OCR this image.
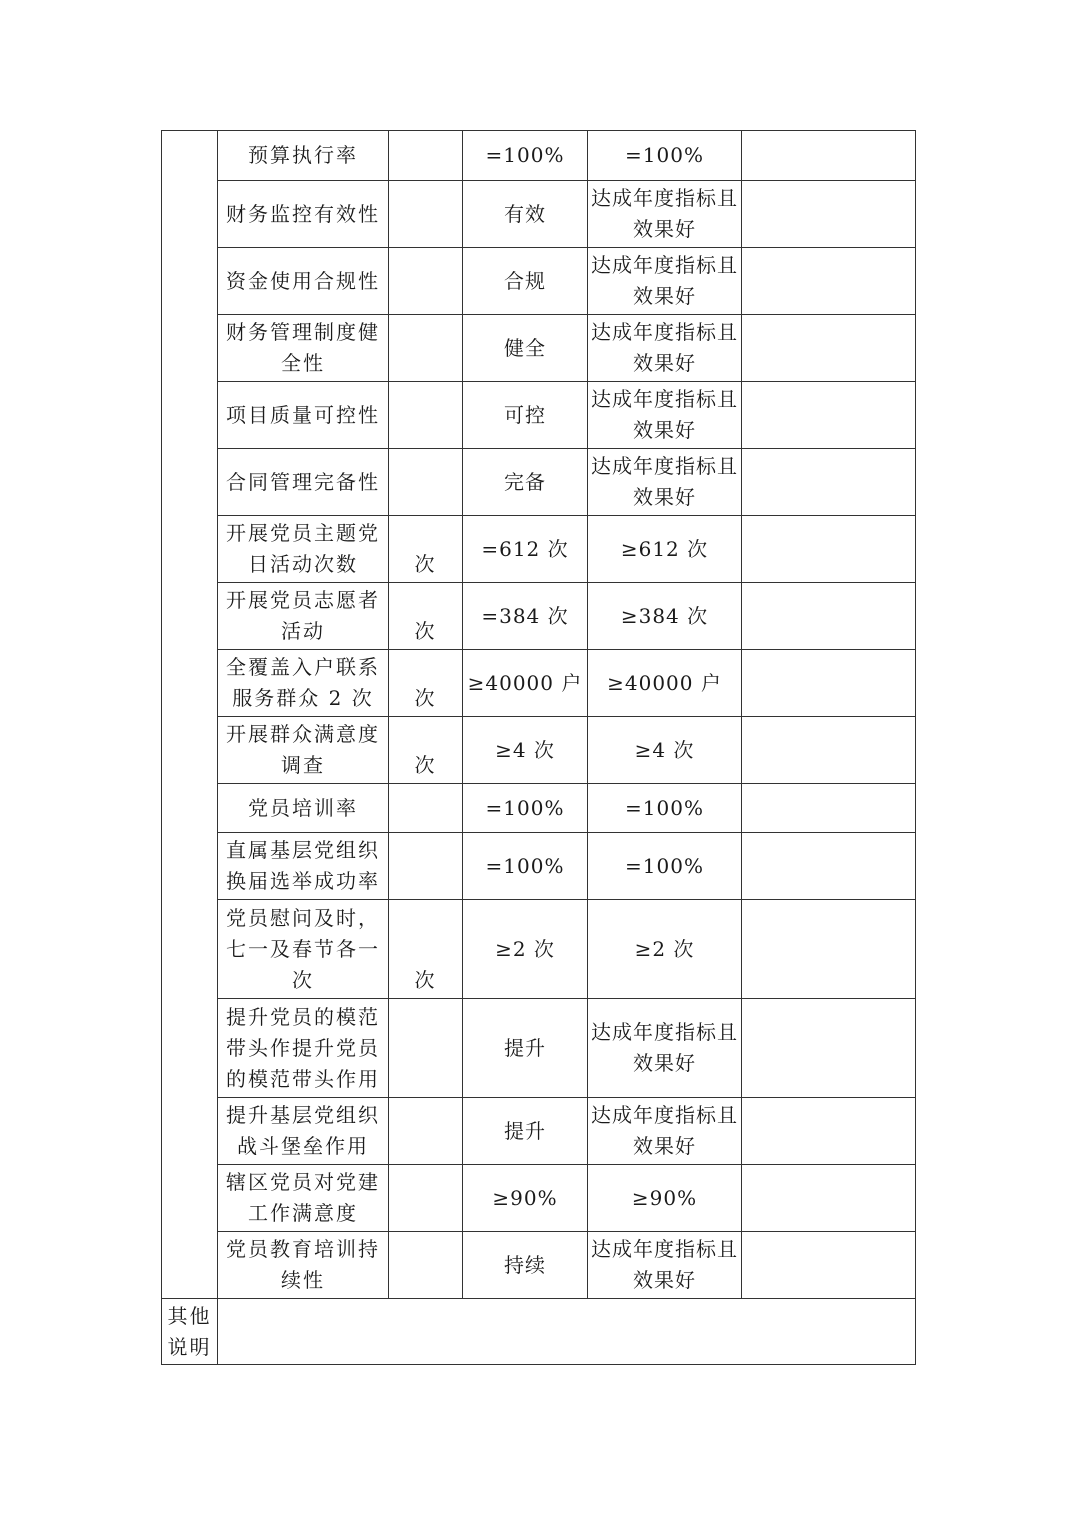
	预算执行率		=100%	=100%	
	财务监控有效性		有效	达成年度指标且效果好	
	资金使用合规性		合规	达成年度指标且效果好	
	财务管理制度健全性		健全	达成年度指标且效果好	
	项目质量可控性		可控	达成年度指标且效果好	
	合同管理完备性		完备	达成年度指标且效果好	
	开展党员主题党日活动次数	次	=612 次	≥612 次	
	开展党员志愿者活动	次	=384 次	≥384 次	
	全覆盖入户联系服务群众 2 次	次	≥40000 户	≥40000 户	
	开展群众满意度调查	次	≥4 次	≥4 次	
	党员培训率		=100%	=100%	
	直属基层党组织换届选举成功率		=100%	=100%	
	党员慰问及时，七一及春节各一次	次	≥2 次	≥2 次	
	提升党员的模范带头作提升党员的模范带头作用		提升	达成年度指标且效果好	
	提升基层党组织战斗堡垒作用		提升	达成年度指标且效果好	
	辖区党员对党建工作满意度		≥90%	≥90%	
	党员教育培训持续性		持续	达成年度指标且效果好	
其他说明					
